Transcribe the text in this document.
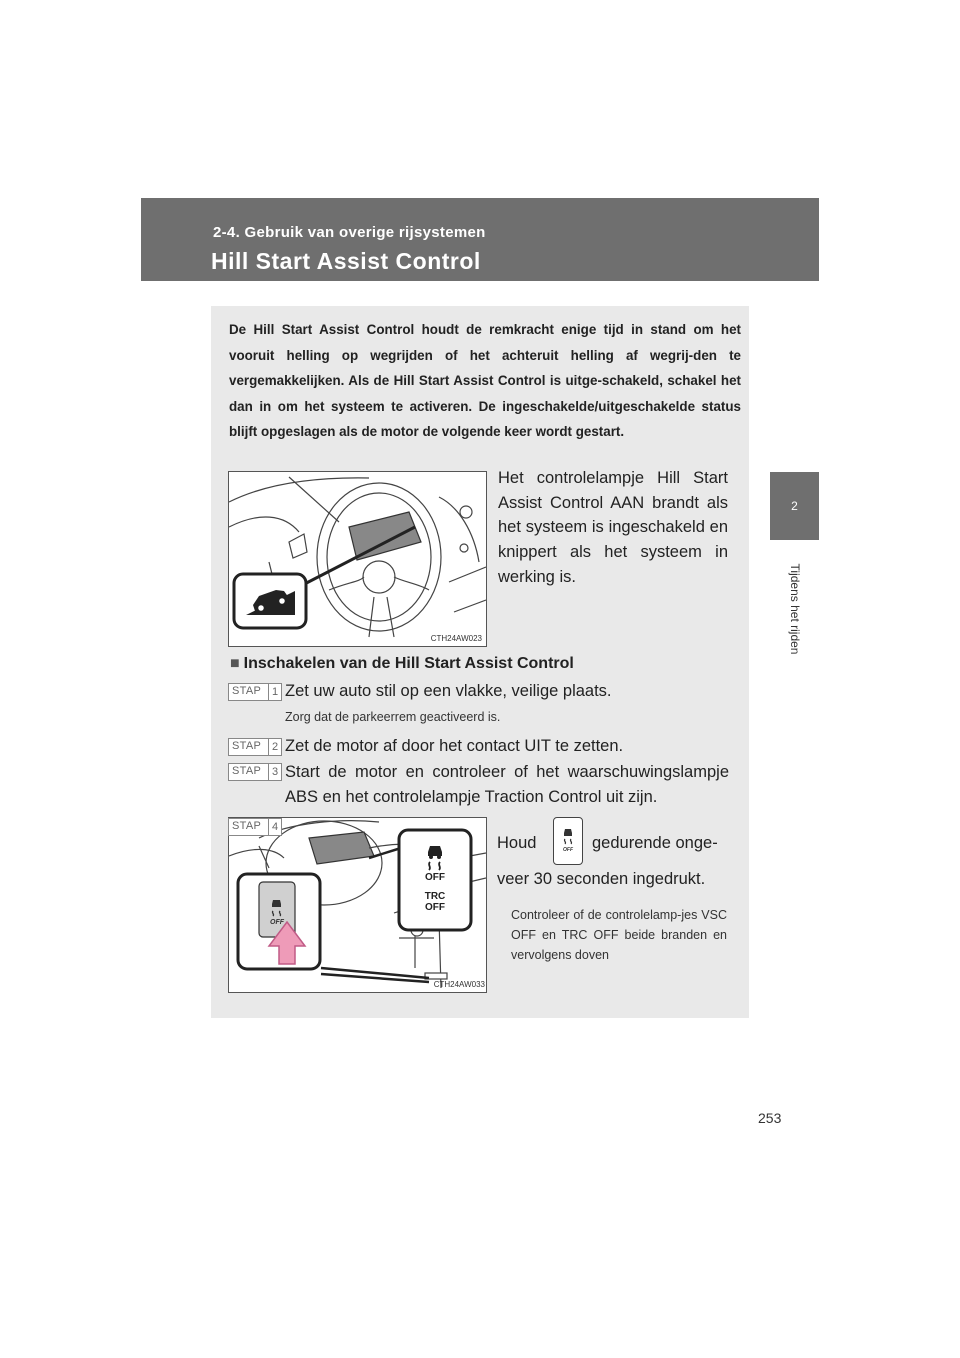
2-4. Gebruik van overige rijsystemen
Hill Start Assist Control
2
Tijdens het rijden
De Hill Start Assist Control houdt de remkracht enige tijd in stand om het vooruit helling op wegrijden of het achteruit helling af wegrij-den te vergemakkelijken. Als de Hill Start Assist Control is uitge-schakeld, schakel het dan in om het systeem te activeren. De ingeschakelde/uitgeschakelde status blijft opgeslagen als de motor de volgende keer wordt gestart.
CTH24AW023
Het controlelampje Hill Start Assist Control AAN brandt als het systeem is ingeschakeld en knippert als het systeem in werking is.
■ Inschakelen van de Hill Start Assist Control
STAP 1 Zet uw auto stil op een vlakke, veilige plaats.
Zorg dat de parkeerrem geactiveerd is.
STAP 2 Zet de motor af door het contact UIT te zetten.
STAP 3 Start de motor en controleer of het waarschuwingslampje ABS en het controlelampje Traction Control uit zijn.
OFF
TRC
OFF
OFF
CTH24AW033
STAP 4
Houd	OFF gedurende onge-
veer 30 seconden ingedrukt.
Controleer of de controlelamp-jes VSC OFF en TRC OFF beide branden en vervolgens doven
253
